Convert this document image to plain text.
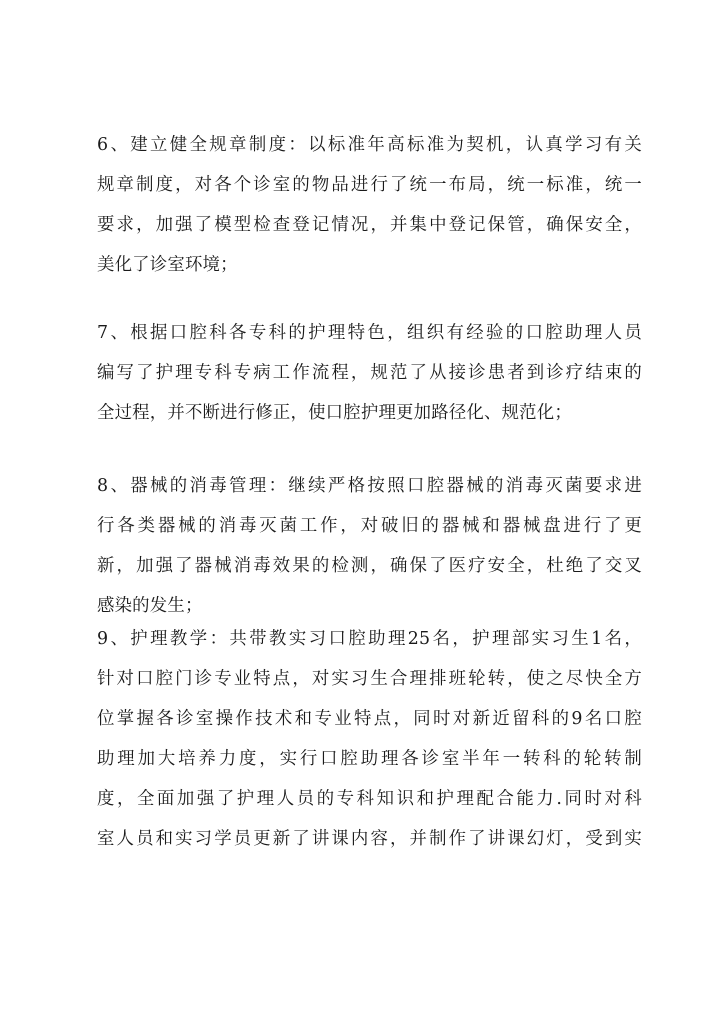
6、建立健全规章制度：以标准年高标准为契机，认真学习有关
规章制度，对各个诊室的物品进行了统一布局，统一标准，统一
要求，加强了模型检查登记情况，并集中登记保管，确保安全，
美化了诊室环境；
7、根据口腔科各专科的护理特色，组织有经验的口腔助理人员
编写了护理专科专病工作流程，规范了从接诊患者到诊疗结束的
全过程，并不断进行修正，使口腔护理更加路径化、规范化；
8、器械的消毒管理：继续严格按照口腔器械的消毒灭菌要求进
行各类器械的消毒灭菌工作，对破旧的器械和器械盘进行了更
新，加强了器械消毒效果的检测，确保了医疗安全，杜绝了交叉
感染的发生；
9、护理教学：共带教实习口腔助理25名，护理部实习生1名，
针对口腔门诊专业特点，对实习生合理排班轮转，使之尽快全方
位掌握各诊室操作技术和专业特点，同时对新近留科的9名口腔
助理加大培养力度，实行口腔助理各诊室半年一转科的轮转制
度，全面加强了护理人员的专科知识和护理配合能力.同时对科
室人员和实习学员更新了讲课内容，并制作了讲课幻灯，受到实
